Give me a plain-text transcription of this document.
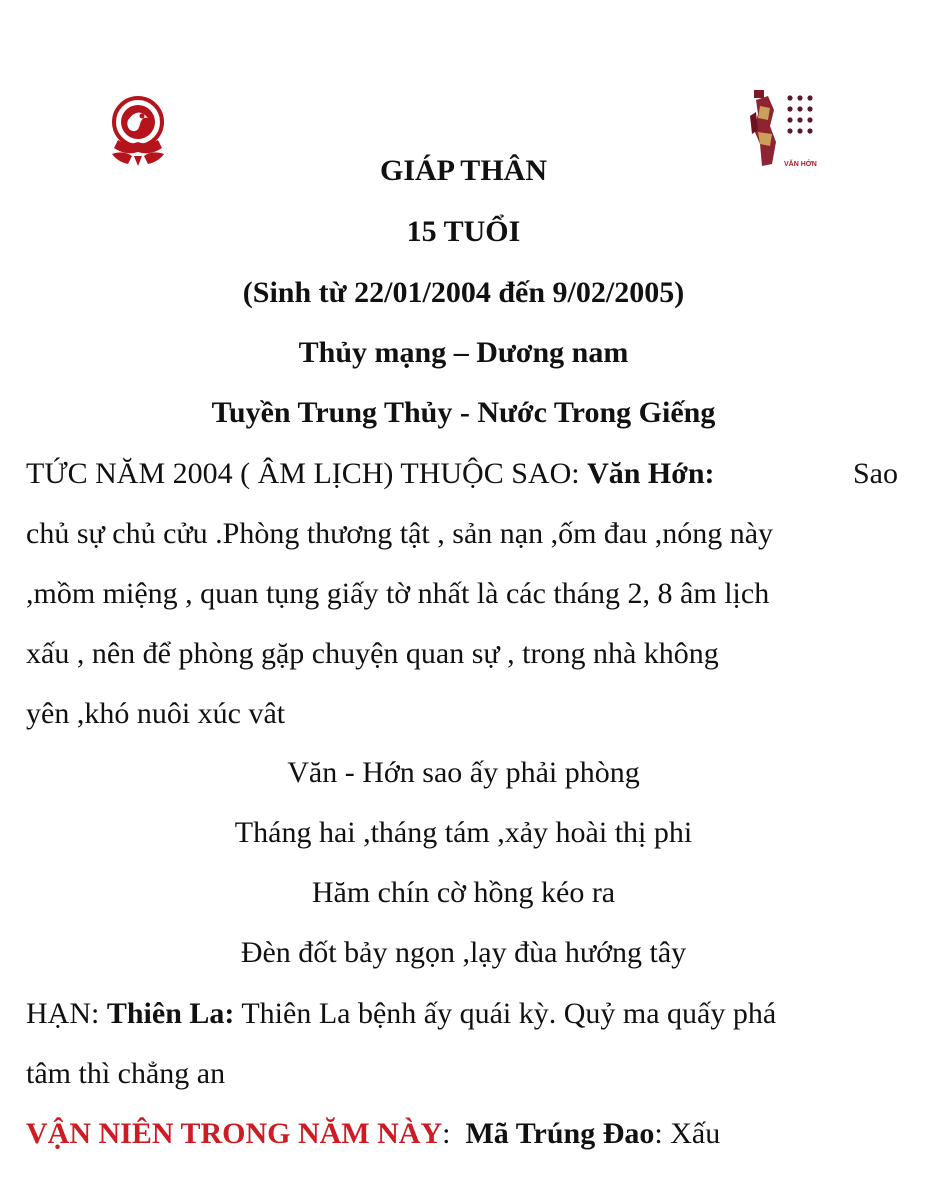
VĂN HỚN
GIÁP THÂN
15 TUỔI
(Sinh từ 22/01/2004 đến 9/02/2005)
Thủy mạng – Dương nam
Tuyền Trung Thủy - Nước Trong Giếng
TỨC NĂM 2004 ( ÂM LỊCH) THUỘC SAO: Văn Hớn:	Sao
chủ sự chủ cửu .Phòng thương tật , sản nạn ,ốm đau ,nóng này
,mồm miệng , quan tụng giấy tờ nhất là các tháng 2, 8 âm lịch
xấu , nên để phòng gặp chuyện quan sự , trong nhà không
yên ,khó nuôi xúc vât
Văn - Hớn sao ấy phải phòng
Tháng hai ,tháng tám ,xảy hoài thị phi
Hăm chín cờ hồng kéo ra
Đèn đốt bảy ngọn ,lạy đùa hướng tây
HẠN: Thiên La: Thiên La bệnh ấy quái kỳ. Quỷ ma quấy phá
tâm thì chẳng an
VẬN NIÊN TRONG NĂM NÀY: Mã Trúng Đao: Xấu
